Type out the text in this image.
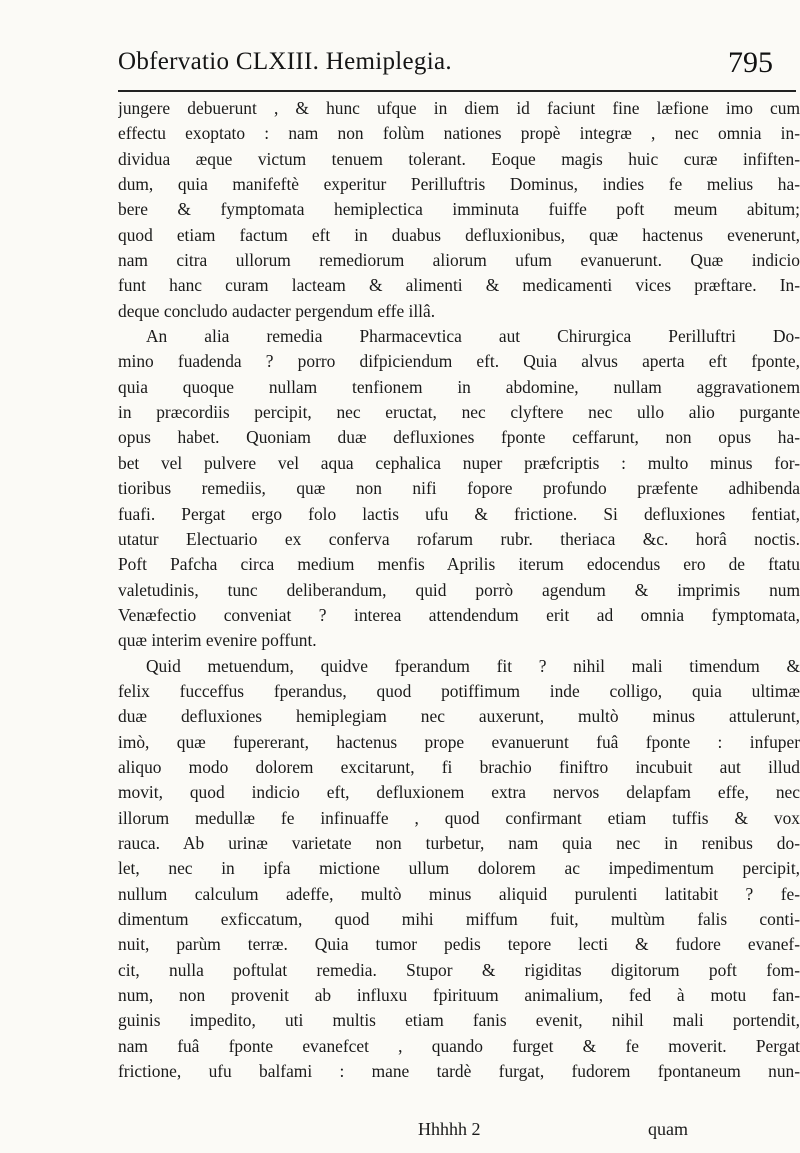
Obfervatio CLXIII. Hemiplegia.	795
jungere debuerunt , & hunc ufque in diem id faciunt fine læfione imo cum
effectu exoptato : nam non folùm nationes propè integræ , nec omnia in-
dividua æque victum tenuem tolerant. Eoque magis huic curæ infiften-
dum, quia manifeftè experitur Perilluftris Dominus, indies fe melius ha-
bere & fymptomata hemiplectica imminuta fuiffe poft meum abitum;
quod etiam factum eft in duabus defluxionibus, quæ hactenus evenerunt,
nam citra ullorum remediorum aliorum ufum evanuerunt. Quæ indicio
funt hanc curam lacteam & alimenti & medicamenti vices præftare. In-
deque concludo audacter pergendum effe illâ.
An alia remedia Pharmacevtica aut Chirurgica Perilluftri Do-
mino fuadenda ? porro difpiciendum eft. Quia alvus aperta eft fponte,
quia quoque nullam tenfionem in abdomine, nullam aggravationem
in præcordiis percipit, nec eructat, nec clyftere nec ullo alio purgante
opus habet. Quoniam duæ defluxiones fponte ceffarunt, non opus ha-
bet vel pulvere vel aqua cephalica nuper præfcriptis : multo minus for-
tioribus remediis, quæ non nifi fopore profundo præfente adhibenda
fuafi. Pergat ergo folo lactis ufu & frictione. Si defluxiones fentiat,
utatur Electuario ex conferva rofarum rubr. theriaca &c. horâ noctis.
Poft Pafcha circa medium menfis Aprilis iterum edocendus ero de ftatu
valetudinis, tunc deliberandum, quid porrò agendum & imprimis num
Venæfectio conveniat ? interea attendendum erit ad omnia fymptomata,
quæ interim evenire poffunt.
Quid metuendum, quidve fperandum fit ? nihil mali timendum &
felix fucceffus fperandus, quod potiffimum inde colligo, quia ultimæ
duæ defluxiones hemiplegiam nec auxerunt, multò minus attulerunt,
imò, quæ fupererant, hactenus prope evanuerunt fuâ fponte : infuper
aliquo modo dolorem excitarunt, fi brachio finiftro incubuit aut illud
movit, quod indicio eft, defluxionem extra nervos delapfam effe, nec
illorum medullæ fe infinuaffe , quod confirmant etiam tuffis & vox
rauca. Ab urinæ varietate non turbetur, nam quia nec in renibus do-
let, nec in ipfa mictione ullum dolorem ac impedimentum percipit,
nullum calculum adeffe, multò minus aliquid purulenti latitabit ? fe-
dimentum exficcatum, quod mihi miffum fuit, multùm falis conti-
nuit, parùm terræ. Quia tumor pedis tepore lecti & fudore evanef-
cit, nulla poftulat remedia. Stupor & rigiditas digitorum poft fom-
num, non provenit ab influxu fpirituum animalium, fed à motu fan-
guinis impedito, uti multis etiam fanis evenit, nihil mali portendit,
nam fuâ fponte evanefcet , quando furget & fe moverit. Pergat
frictione, ufu balfami : mane tardè furgat, fudorem fpontaneum nun-
Hhhhh 2	quam
